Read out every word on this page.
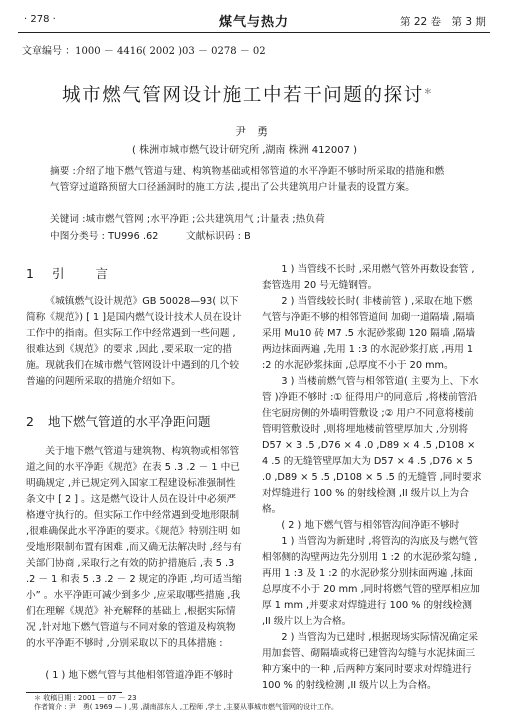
· 278 ·	煤气与热力	第 22 卷　第 3 期
文章编号 ：1000 － 4416( 2002 )03 － 0278 － 02
城市燃气管网设计施工中若干问题的探讨＊
尹　勇
( 株洲市城市燃气设计研究所 ,湖南 株洲 412007 )
摘要 :介绍了地下燃气管道与建、构筑物基础或相邻管道的水平净距不够时所采取的措施和燃气管穿过道路预留大口径涵洞时的施工方法 ,提出了公共建筑用户计量表的设置方案。
关键词 :城市燃气管网 ;水平净距 ;公共建筑用气 ;计量表 ;热负荷
中图分类号 : TU996 .62	文献标识码 : B
1 引　　言

《城镇燃气设计规范》GB 50028—93( 以下简称《规范》) [ 1 ]是国内燃气设计技术人员在设计工作中的指南。但实际工作中经常遇到一些问题 ,很难达到《规范》的要求 ,因此 ,要采取一定的措施。现就我们在城市燃气管网设计中遇到的几个较普遍的问题所采取的措施介绍如下。

2 地下燃气管道的水平净距问题

关于地下燃气管道与建筑物、构筑物或相邻管道之间的水平净距《规范》在表 5 .3 .2 － 1 中已明确规定 ,并已规定列入国家工程建设标准强制性条文中 [ 2 ] 。这是燃气设计人员在设计中必须严格遵守执行的。但实际工作中经常遇到受地形限制 ,很难确保此水平净距的要求。《规范》特别注明 如受地形限制布置有困难 ,而又确无法解决时 ,经与有关部门协商 ,采取行之有效的防护措施后 ,表 5 .3 .2 － 1 和表 5 .3 .2 － 2 规定的净距 ,均可适当缩小” 。水平净距可减少到多少 ,应采取哪些措施 ,我们在理解《规范》补充解释的基础上 ,根据实际情况 ,针对地下燃气管道与不同对象的管道及构筑物的水平净距不够时 ,分别采取以下的具体措施 :

( 1 ) 地下燃气管与其他相邻管道净距不够时

1 ) 当管线不长时 ,采用燃气管外再数设套管 ,套管选用 20 号无缝钢管。

2 ) 当管线较长时( 非楼前管 ) ,采取在地下燃气管与净距不够的相邻管道间 加砌一道隔墙 ,隔墙采用 Mu10 砖 M7 .5 水泥砂浆砌 120 隔墙 ,隔墙两边抹面两遍 ,先用 1 :3 的水泥砂浆打底 ,再用 1 :2 的水泥砂浆抹面 ,总厚度不小于 20 mm。

3 ) 当楼前燃气管与相邻管道( 主要为上、下水管 )净距不够时 :① 征得用户的同意后 ,将楼前管沿住宅厨房侧的外墙明管敷设 ;② 用户不同意将楼前管明管敷设时 ,则将埋地楼前管壁厚加大 ,分别将 D57 × 3 .5 ,D76 × 4 .0 ,D89 × 4 .5 ,D108 × 4 .5 的无缝管壁厚加大为 D57 × 4 .5 ,D76 × 5 .0 ,D89 × 5 .5 ,D108 × 5 .5 的无缝管 ,同时要求对焊缝进行 100 % 的射线检测 ,II 级片以上为合格。

( 2 ) 地下燃气管与相邻管沟间净距不够时

1 ) 当管沟为新建时 ,将管沟的沟底及与燃气管相邻侧的沟壁两边先分别用 1 :2 的水泥砂浆勾缝 ,再用 1 :3 及 1 :2 的水泥砂浆分别抹面两遍 ,抹面总厚度不小于 20 mm ,同时将燃气管的壁厚相应加厚 1 mm ,并要求对焊缝进行 100 % 的射线检测 ,II 级片以上为合格。

2 ) 当管沟为已建时 ,根据现场实际情况确定采用加套管、砌隔墙或将已建管沟勾缝与水泥抹面三种方案中的一种 ,后两种方案同时要求对焊缝进行 100 % 的射线检测 ,II 级片以上为合格。

＊ 收稿日期 : 2001 － 07 － 23
作者简介 : 尹　勇( 1969 — ) ,男 ,湖南邵东人 ,工程师 ,学士 ,主要从事城市燃气管网的设计工作。
